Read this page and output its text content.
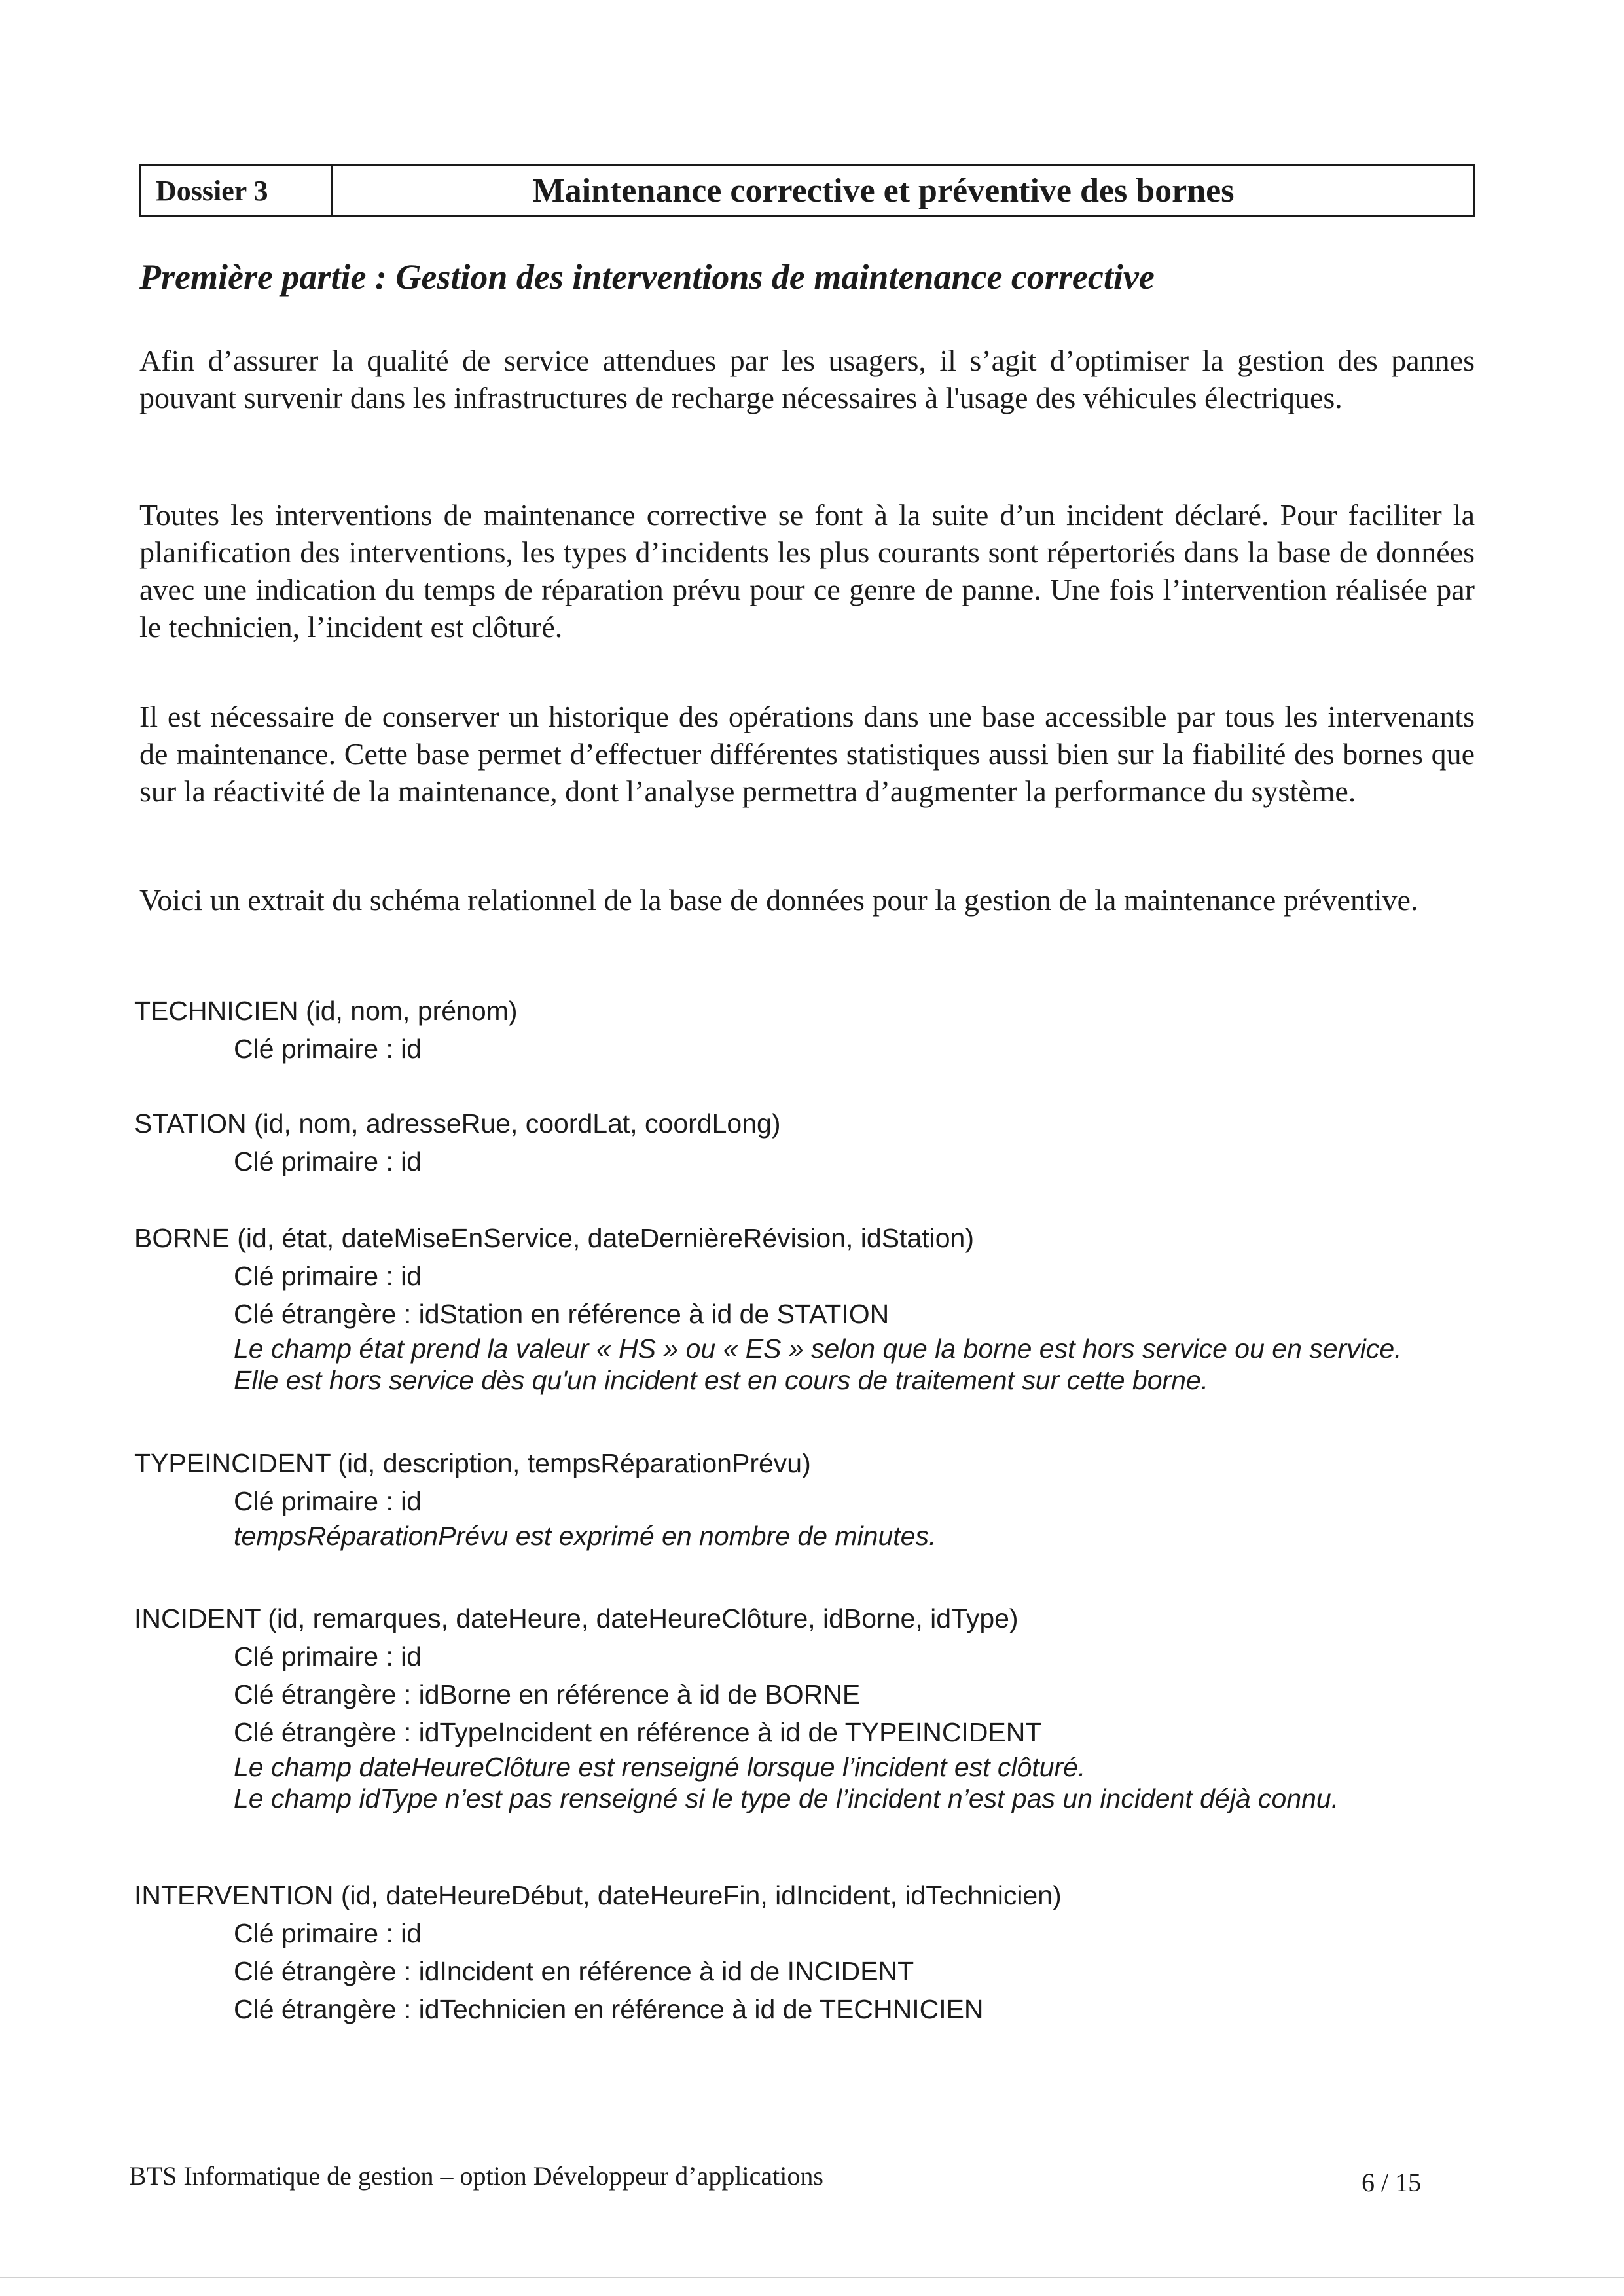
Dossier 3	Maintenance corrective et préventive des bornes
Première partie : Gestion des interventions de maintenance corrective
Afin d’assurer la qualité de service attendues par les usagers, il s’agit d’optimiser la gestion des pannes pouvant survenir dans les infrastructures de recharge nécessaires à l'usage des véhicules électriques.
Toutes les interventions de maintenance corrective se font à la suite d’un incident déclaré. Pour faciliter la planification des interventions, les types d’incidents les plus courants sont répertoriés dans la base de données avec une indication du temps de réparation prévu pour ce genre de panne. Une fois l’intervention réalisée par le technicien, l’incident est clôturé.
Il est nécessaire de conserver un historique des opérations dans une base accessible par tous les intervenants de maintenance. Cette base permet d’effectuer différentes statistiques aussi bien sur la fiabilité des bornes que sur la réactivité de la maintenance, dont l’analyse permettra d’augmenter la performance du système.
Voici un extrait du schéma relationnel de la base de données pour la gestion de la maintenance préventive.
TECHNICIEN (id, nom, prénom)
Clé primaire : id
STATION (id, nom, adresseRue, coordLat, coordLong)
Clé primaire : id
BORNE (id, état, dateMiseEnService, dateDernièreRévision, idStation)
Clé primaire : id
Clé étrangère : idStation en référence à id de STATION
Le champ état prend la valeur « HS » ou « ES » selon que la borne est hors service ou en service.
Elle est hors service dès qu'un incident est en cours de traitement sur cette borne.
TYPEINCIDENT (id, description, tempsRéparationPrévu)
Clé primaire : id
tempsRéparationPrévu est exprimé en nombre de minutes.
INCIDENT (id, remarques, dateHeure, dateHeureClôture, idBorne, idType)
Clé primaire : id
Clé étrangère : idBorne en référence à id de BORNE
Clé étrangère : idTypeIncident en référence à id de TYPEINCIDENT
Le champ dateHeureClôture est renseigné lorsque l’incident est clôturé.
Le champ idType n’est pas renseigné si le type de l’incident n’est pas un incident déjà connu.
INTERVENTION (id, dateHeureDébut, dateHeureFin, idIncident, idTechnicien)
Clé primaire : id
Clé étrangère : idIncident en référence à id de INCIDENT
Clé étrangère : idTechnicien en référence à id de TECHNICIEN
BTS Informatique de gestion – option Développeur d’applications	6 / 15
